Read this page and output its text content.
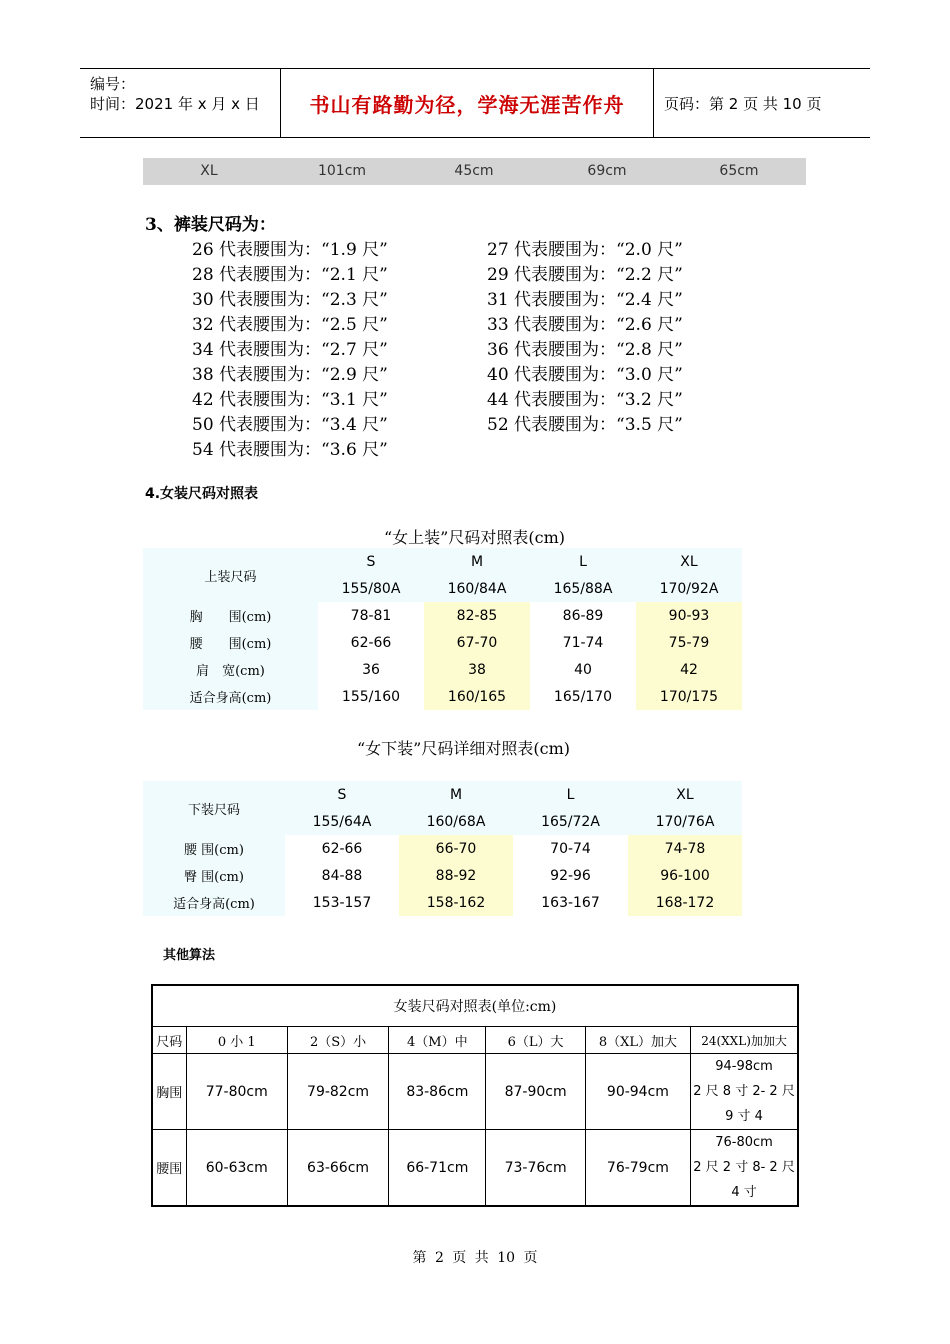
编号：
时间：2021 年 x 月 x 日 书山有路勤为径，学海无涯苦作舟	页码：第 2 页 共 10 页
XL	101cm	45cm	69cm	65cm
3、裤装尺码为：
26 代表腰围为：“1.9 尺”	27 代表腰围为：“2.0 尺”
28 代表腰围为：“2.1 尺”	29 代表腰围为：“2.2 尺”
30 代表腰围为：“2.3 尺”	31 代表腰围为：“2.4 尺”
32 代表腰围为：“2.5 尺”	33 代表腰围为：“2.6 尺”
34 代表腰围为：“2.7 尺”	36 代表腰围为：“2.8 尺”
38 代表腰围为：“2.9 尺”	40 代表腰围为：“3.0 尺”
42 代表腰围为：“3.1 尺”	44 代表腰围为：“3.2 尺”
50 代表腰围为：“3.4 尺”	52 代表腰围为：“3.5 尺”
54 代表腰围为：“3.6 尺”
4.女装尺码对照表
“女上装”尺码对照表(cm)
上装尺码	S	M	L	XL
	155/80A	160/84A	165/88A	170/92A
胸　　围(cm)	78-81	82-85	86-89	90-93
腰　　围(cm)	62-66	67-70	71-74	75-79
肩　宽(cm)	36	38	40	42
适合身高(cm)	155/160	160/165	165/170	170/175
“女下装”尺码详细对照表(cm)
下装尺码	S	M	L	XL
	155/64A	160/68A	165/72A	170/76A
腰 围(cm)	62-66	66-70	70-74	74-78
臀 围(cm)	84-88	88-92	92-96	96-100
适合身高(cm)	153-157	158-162	163-167	168-172
其他算法
女装尺码对照表(单位:cm)						
尺码	0 小 1	2（S）小	4（M）中	6（L）大	8（XL）加大	24(XXL)加加大
胸围	77-80cm	79-82cm	83-86cm	87-90cm	90-94cm	94-98cm
2 尺 8 寸 2- 2 尺
9 寸 4

腰围	60-63cm	63-66cm	66-71cm	73-76cm	76-79cm	76-80cm
2 尺 2 寸 8- 2 尺
4 寸
第 2 页 共 10 页
